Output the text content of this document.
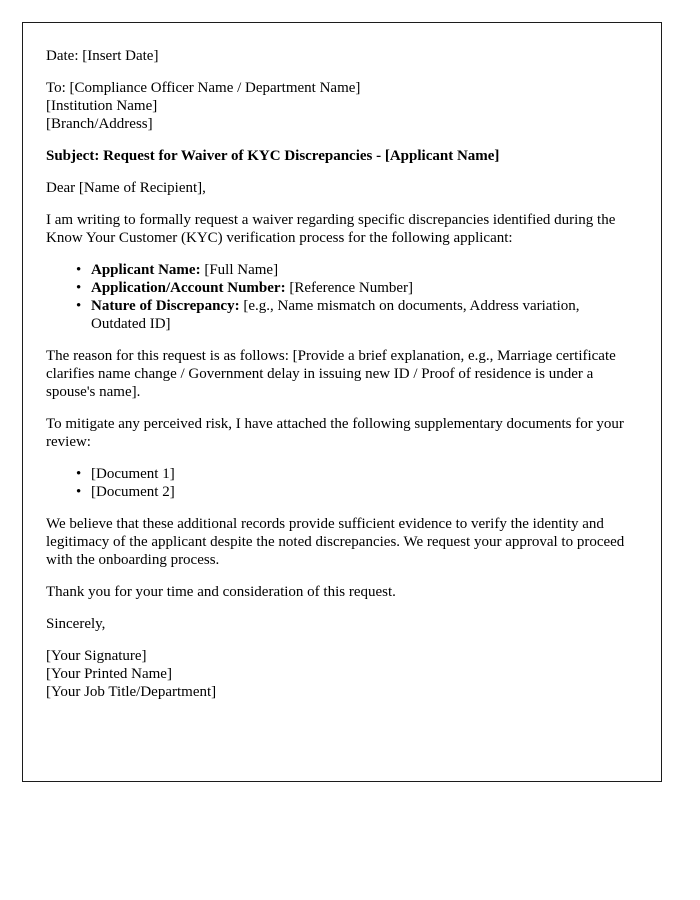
Date: [Insert Date]

To: [Compliance Officer Name / Department Name]
[Institution Name]
[Branch/Address]

Subject: Request for Waiver of KYC Discrepancies - [Applicant Name]

Dear [Name of Recipient],

I am writing to formally request a waiver regarding specific discrepancies identified during the Know Your Customer (KYC) verification process for the following applicant:

• Applicant Name: [Full Name]
• Application/Account Number: [Reference Number]
• Nature of Discrepancy: [e.g., Name mismatch on documents, Address variation, Outdated ID]

The reason for this request is as follows: [Provide a brief explanation, e.g., Marriage certificate clarifies name change / Government delay in issuing new ID / Proof of residence is under a spouse's name].

To mitigate any perceived risk, I have attached the following supplementary documents for your review:

• [Document 1]
• [Document 2]

We believe that these additional records provide sufficient evidence to verify the identity and legitimacy of the applicant despite the noted discrepancies. We request your approval to proceed with the onboarding process.

Thank you for your time and consideration of this request.

Sincerely,

[Your Signature]
[Your Printed Name]
[Your Job Title/Department]
